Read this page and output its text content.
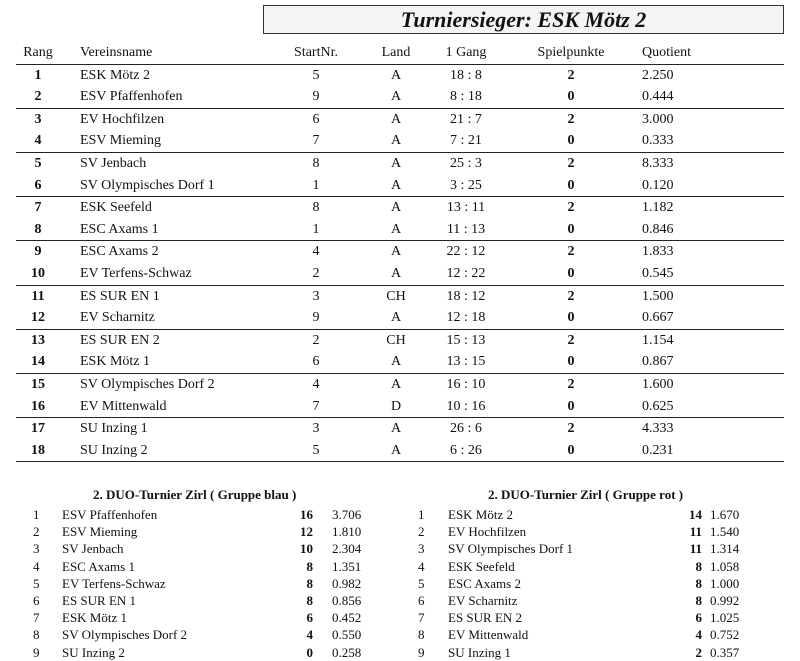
Turniersieger: ESK Mötz 2
Rang Vereinsname	StartNr.	Land	1 Gang	Spielpunkte	Quotient
1	ESK Mötz 2	5	A	18 : 8	2	2.250
2	ESV Pfaffenhofen	9	A	8 : 18	0	0.444
3	EV Hochfilzen	6	A	21 : 7	2	3.000
4	ESV Mieming	7	A	7 : 21	0	0.333
5	SV Jenbach	8	A	25 : 3	2	8.333
6	SV Olympisches Dorf 1	1	A	3 : 25	0	0.120
7	ESK Seefeld	8	A	13 : 11	2	1.182
8	ESC Axams 1	1	A	11 : 13	0	0.846
9	ESC Axams 2	4	A	22 : 12	2	1.833
10	EV Terfens-Schwaz	2	A	12 : 22	0	0.545
11	ES SUR EN 1	3	CH	18 : 12	2	1.500
12	EV Scharnitz	9	A	12 : 18	0	0.667
13	ES SUR EN 2	2	CH	15 : 13	2	1.154
14	ESK Mötz 1	6	A	13 : 15	0	0.867
15	SV Olympisches Dorf 2	4	A	16 : 10	2	1.600
16	EV Mittenwald	7	D	10 : 16	0	0.625
17	SU Inzing 1	3	A	26 : 6	2	4.333
18	SU Inzing 2	5	A	6 : 26	0	0.231
2. DUO-Turnier Zirl ( Gruppe blau )
1	ESV Pfaffenhofen	16 3.706
2	ESV Mieming	12 1.810
3	SV Jenbach	10 2.304
4	ESC Axams 1	8 1.351
5	EV Terfens-Schwaz	8 0.982
6	ES SUR EN 1	8 0.856
7	ESK Mötz 1	6 0.452
8	SV Olympisches Dorf 2	4 0.550
9	SU Inzing 2	0 0.258
2. DUO-Turnier Zirl ( Gruppe rot )
1	ESK Mötz 2	14 1.670
2	EV Hochfilzen	11 1.540
3	SV Olympisches Dorf 1	11 1.314
4	ESK Seefeld	8 1.058
5	ESC Axams 2	8 1.000
6	EV Scharnitz	8 0.992
7	ES SUR EN 2	6 1.025
8	EV Mittenwald	4 0.752
9	SU Inzing 1	2 0.357
